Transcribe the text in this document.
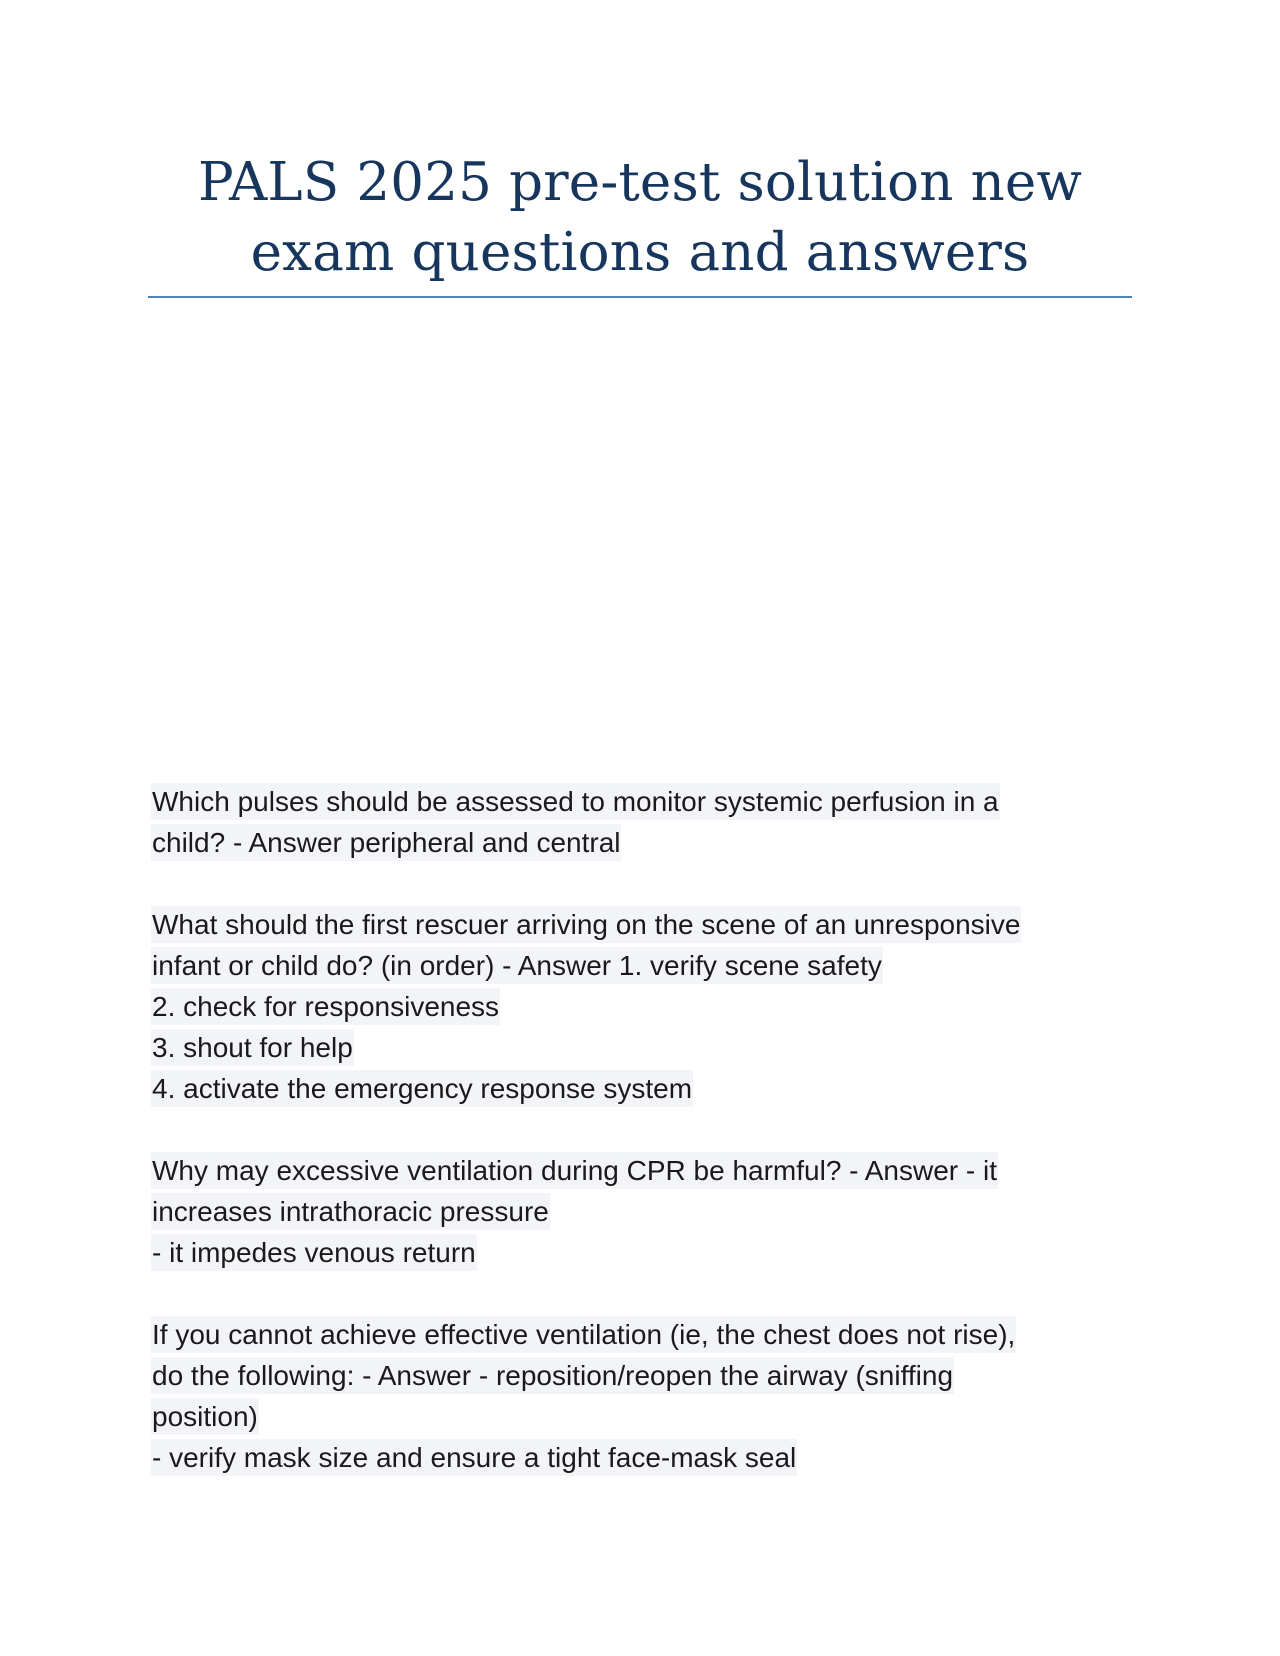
PALS 2025 pre-test solution new
exam questions and answers
Which pulses should be assessed to monitor systemic perfusion in a
child? - Answer peripheral and central
What should the first rescuer arriving on the scene of an unresponsive
infant or child do? (in order) - Answer 1. verify scene safety
2. check for responsiveness
3. shout for help
4. activate the emergency response system
Why may excessive ventilation during CPR be harmful? - Answer - it
increases intrathoracic pressure
- it impedes venous return
If you cannot achieve effective ventilation (ie, the chest does not rise),
do the following: - Answer - reposition/reopen the airway (sniffing
position)
- verify mask size and ensure a tight face-mask seal
